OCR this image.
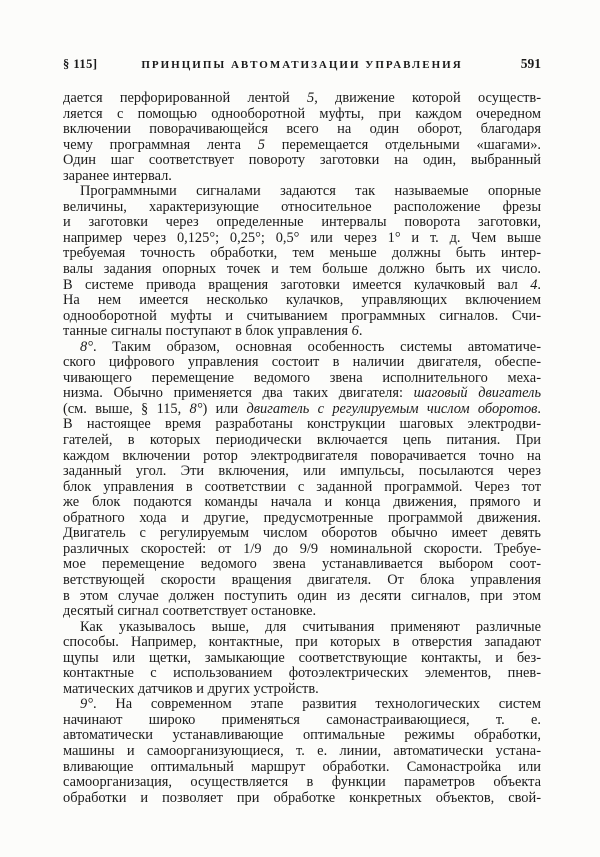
§ 115]	ПРИНЦИПЫ АВТОМАТИЗАЦИИ УПРАВЛЕНИЯ	591
дается перфорированной лентой 5, движение которой осуществ-
ляется с помощью однооборотной муфты, при каждом очередном
включении поворачивающейся всего на один оборот, благодаря
чему программная лента 5 перемещается отдельными «шагами».
Один шаг соответствует повороту заготовки на один, выбранный
заранее интервал.
Программными сигналами задаются так называемые опорные
величины, характеризующие относительное расположение фрезы
и заготовки через определенные интервалы поворота заготовки,
например через 0,125°; 0,25°; 0,5° или через 1° и т. д. Чем выше
требуемая точность обработки, тем меньше должны быть интер-
валы задания опорных точек и тем больше должно быть их число.
В системе привода вращения заготовки имеется кулачковый вал 4.
На нем имеется несколько кулачков, управляющих включением
однооборотной муфты и считыванием программных сигналов. Счи-
танные сигналы поступают в блок управления 6.
8°. Таким образом, основная особенность системы автоматиче-
ского цифрового управления состоит в наличии двигателя, обеспе-
чивающего перемещение ведомого звена исполнительного меха-
низма. Обычно применяется два таких двигателя: шаговый двигатель
(см. выше, § 115, 8°) или двигатель с регулируемым числом оборотов.
В настоящее время разработаны конструкции шаговых электродви-
гателей, в которых периодически включается цепь питания. При
каждом включении ротор электродвигателя поворачивается точно на
заданный угол. Эти включения, или импульсы, посылаются через
блок управления в соответствии с заданной программой. Через тот
же блок подаются команды начала и конца движения, прямого и
обратного хода и другие, предусмотренные программой движения.
Двигатель с регулируемым числом оборотов обычно имеет девять
различных скоростей: от 1/9 до 9/9 номинальной скорости. Требуе-
мое перемещение ведомого звена устанавливается выбором соот-
ветствующей скорости вращения двигателя. От блока управления
в этом случае должен поступить один из десяти сигналов, при этом
десятый сигнал соответствует остановке.
Как указывалось выше, для считывания применяют различные
способы. Например, контактные, при которых в отверстия западают
щупы или щетки, замыкающие соответствующие контакты, и без-
контактные с использованием фотоэлектрических элементов, пнев-
матических датчиков и других устройств.
9°. На современном этапе развития технологических систем
начинают широко применяться самонастраивающиеся, т. е.
автоматически устанавливающие оптимальные режимы обработки,
машины и самоорганизующиеся, т. е. линии, автоматически устана-
вливающие оптимальный маршрут обработки. Самонастройка или
самоорганизация, осуществляется в функции параметров объекта
обработки и позволяет при обработке конкретных объектов, свой-
